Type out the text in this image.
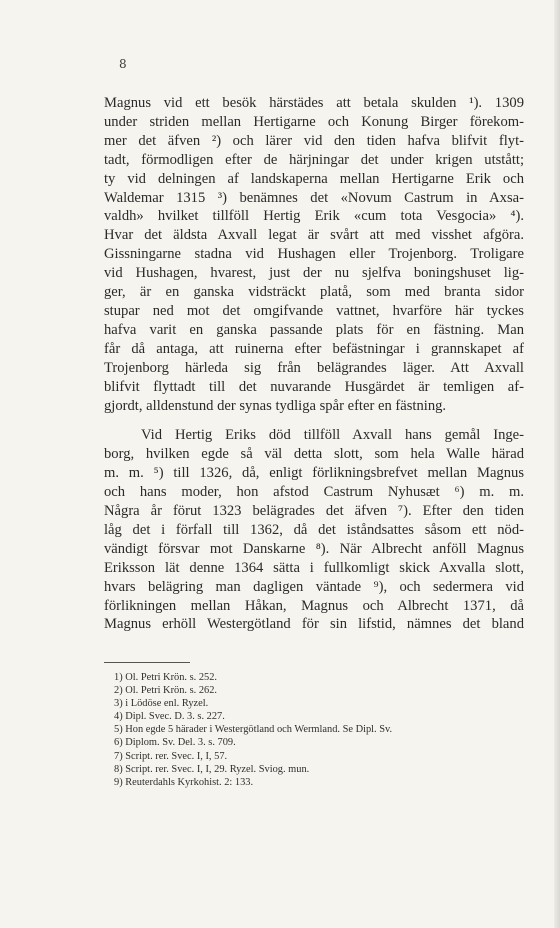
8
Magnus vid ett besök härstädes att betala skulden ¹). 1309
under striden mellan Hertigarne och Konung Birger förekom-
mer det äfven ²) och lärer vid den tiden hafva blifvit flyt-
tadt, förmodligen efter de härjningar det under krigen utstått;
ty vid delningen af landskaperna mellan Hertigarne Erik och
Waldemar 1315 ³) benämnes det «Novum Castrum in Axsa-
valdh» hvilket tillföll Hertig Erik «cum tota Vesgocia» ⁴).
Hvar det äldsta Axvall legat är svårt att med visshet afgöra.
Gissningarne stadna vid Hushagen eller Trojenborg. Troligare
vid Hushagen, hvarest, just der nu sjelfva boningshuset lig-
ger, är en ganska vidsträckt platå, som med branta sidor
stupar ned mot det omgifvande vattnet, hvarföre här tyckes
hafva varit en ganska passande plats för en fästning. Man
får då antaga, att ruinerna efter befästningar i grannskapet af
Trojenborg härleda sig från belägrandes läger. Att Axvall
blifvit flyttadt till det nuvarande Husgärdet är temligen af-
gjordt, alldenstund der synas tydliga spår efter en fästning.
Vid Hertig Eriks död tillföll Axvall hans gemål Inge-
borg, hvilken egde så väl detta slott, som hela Walle härad
m. m. ⁵) till 1326, då, enligt förlikningsbrefvet mellan Magnus
och hans moder, hon afstod Castrum Nyhusæt ⁶) m. m.
Några år förut 1323 belägrades det äfven ⁷). Efter den tiden
låg det i förfall till 1362, då det iståndsattes såsom ett nöd-
vändigt försvar mot Danskarne ⁸). När Albrecht anföll Magnus
Eriksson lät denne 1364 sätta i fullkomligt skick Axvalla slott,
hvars belägring man dagligen väntade ⁹), och sedermera vid
förlikningen mellan Håkan, Magnus och Albrecht 1371, då
Magnus erhöll Westergötland för sin lifstid, nämnes det bland
1) Ol. Petri Krön. s. 252.
2) Ol. Petri Krön. s. 262.
3) i Lödöse enl. Ryzel.
4) Dipl. Svec. D. 3. s. 227.
5) Hon egde 5 härader i Westergötland och Wermland. Se Dipl. Sv.
6) Diplom. Sv. Del. 3. s. 709.
7) Script. rer. Svec. I, I, 57.
8) Script. rer. Svec. I, I, 29. Ryzel. Sviog. mun.
9) Reuterdahls Kyrkohist. 2: 133.
